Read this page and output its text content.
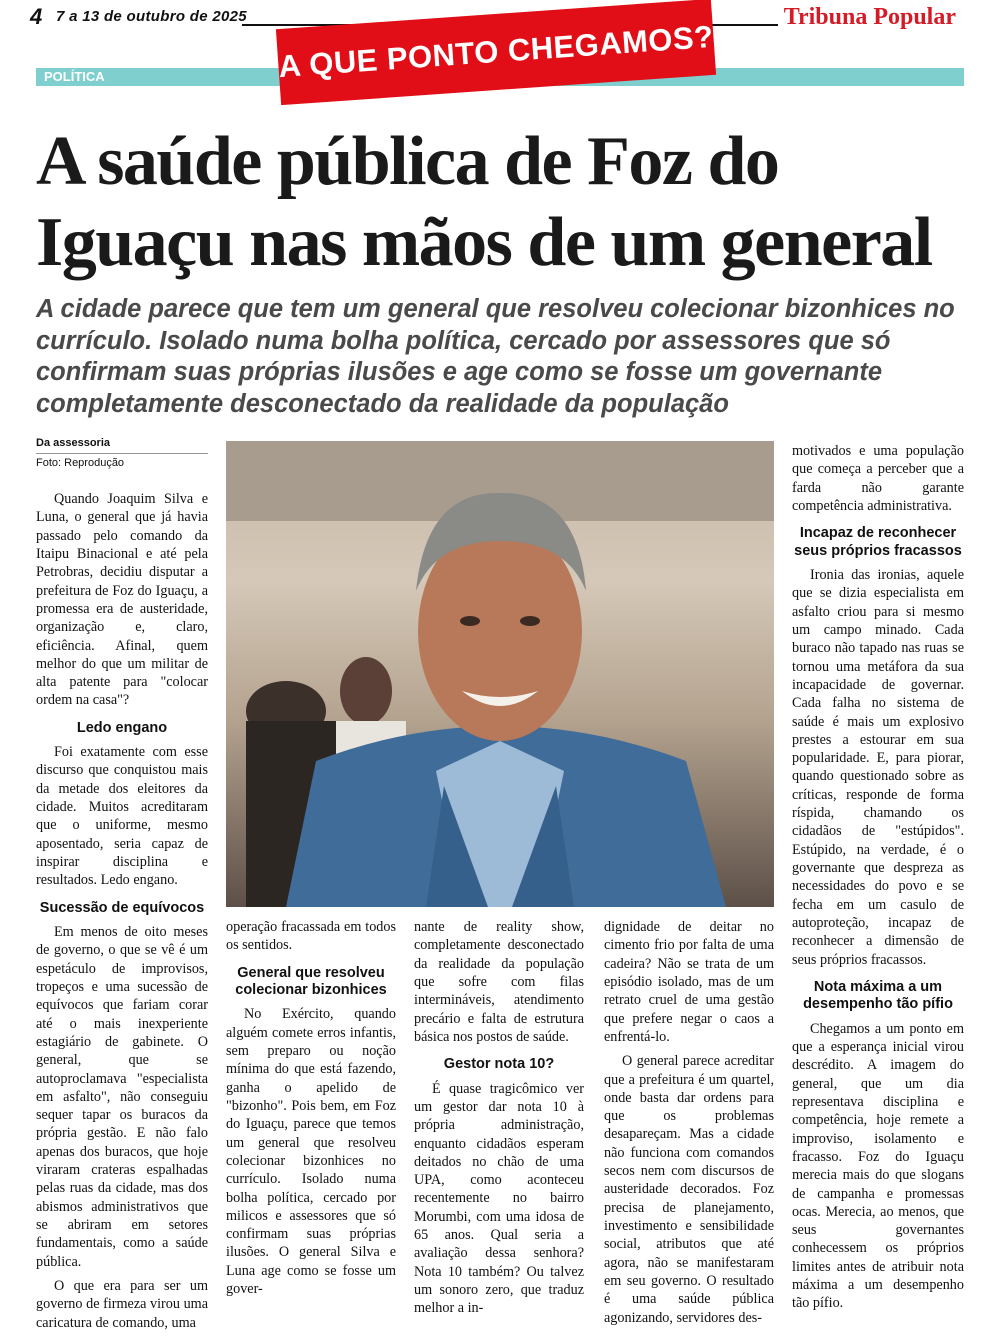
4 7 a 13 de outubro de 2025	Tribuna Popular
POLÍTICA	A QUE PONTO CHEGAMOS?
A saúde pública de Foz do Iguaçu nas mãos de um general
A cidade parece que tem um general que resolveu colecionar bizonhices no currículo. Isolado numa bolha política, cercado por assessores que só confirmam suas próprias ilusões e age como se fosse um governante completamente desconectado da realidade da população
Da assessoria
Foto: Reprodução

Quando Joaquim Silva e Luna, o general que já havia passado pelo comando da Itaipu Binacional e até pela Petrobras, decidiu disputar a prefeitura de Foz do Iguaçu, a promessa era de austeridade, organização e, claro, eficiência. Afinal, quem melhor do que um militar de alta patente para "colocar ordem na casa"?

Ledo engano

Foi exatamente com esse discurso que conquistou mais da metade dos eleitores da cidade. Muitos acreditaram que o uniforme, mesmo aposentado, seria capaz de inspirar disciplina e resultados. Ledo engano.

Sucessão de equívocos

Em menos de oito meses de governo, o que se vê é um espetáculo de improvisos, tropeços e uma sucessão de equívocos que fariam corar até o mais inexperiente estagiário de gabinete. O general, que se autoproclamava "especialista em asfalto", não conseguiu sequer tapar os buracos da própria gestão. E não falo apenas dos buracos, que hoje viraram crateras espalhadas pelas ruas da cidade, mas dos abismos administrativos que se abriram em setores fundamentais, como a saúde pública.

O que era para ser um governo de firmeza virou uma caricatura de comando, uma

operação fracassada em todos os sentidos.

General que resolveu colecionar bizonhices

No Exército, quando alguém comete erros infantis, sem preparo ou noção mínima do que está fazendo, ganha o apelido de "bizonho". Pois bem, em Foz do Iguaçu, parece que temos um general que resolveu colecionar bizonhices no currículo. Isolado numa bolha política, cercado por milicos e assessores que só confirmam suas próprias ilusões. O general Silva e Luna age como se fosse um gover-

nante de reality show, completamente desconectado da realidade da população que sofre com filas intermináveis, atendimento precário e falta de estrutura básica nos postos de saúde.

Gestor nota 10?

É quase tragicômico ver um gestor dar nota 10 à própria administração, enquanto cidadãos esperam deitados no chão de uma UPA, como aconteceu recentemente no bairro Morumbi, com uma idosa de 65 anos. Qual seria a avaliação dessa senhora? Nota 10 também? Ou talvez um sonoro zero, que traduz melhor a in-

dignidade de deitar no cimento frio por falta de uma cadeira? Não se trata de um episódio isolado, mas de um retrato cruel de uma gestão que prefere negar o caos a enfrentá-lo.

O general parece acreditar que a prefeitura é um quartel, onde basta dar ordens para que os problemas desapareçam. Mas a cidade não funciona com comandos secos nem com discursos de austeridade decorados. Foz precisa de planejamento, investimento e sensibilidade social, atributos que até agora, não se manifestaram em seu governo. O resultado é uma saúde pública agonizando, servidores des-

motivados e uma população que começa a perceber que a farda não garante competência administrativa.

Incapaz de reconhecer seus próprios fracassos

Ironia das ironias, aquele que se dizia especialista em asfalto criou para si mesmo um campo minado. Cada buraco não tapado nas ruas se tornou uma metáfora da sua incapacidade de governar. Cada falha no sistema de saúde é mais um explosivo prestes a estourar em sua popularidade. E, para piorar, quando questionado sobre as críticas, responde de forma ríspida, chamando os cidadãos de "estúpidos". Estúpido, na verdade, é o governante que despreza as necessidades do povo e se fecha em um casulo de autoproteção, incapaz de reconhecer a dimensão de seus próprios fracassos.

Nota máxima a um desempenho tão pífio

Chegamos a um ponto em que a esperança inicial virou descrédito. A imagem do general, que um dia representava disciplina e competência, hoje remete a improviso, isolamento e fracasso. Foz do Iguaçu merecia mais do que slogans de campanha e promessas ocas. Merecia, ao menos, que seus governantes conhecessem os próprios limites antes de atribuir nota máxima a um desempenho tão pífio.
